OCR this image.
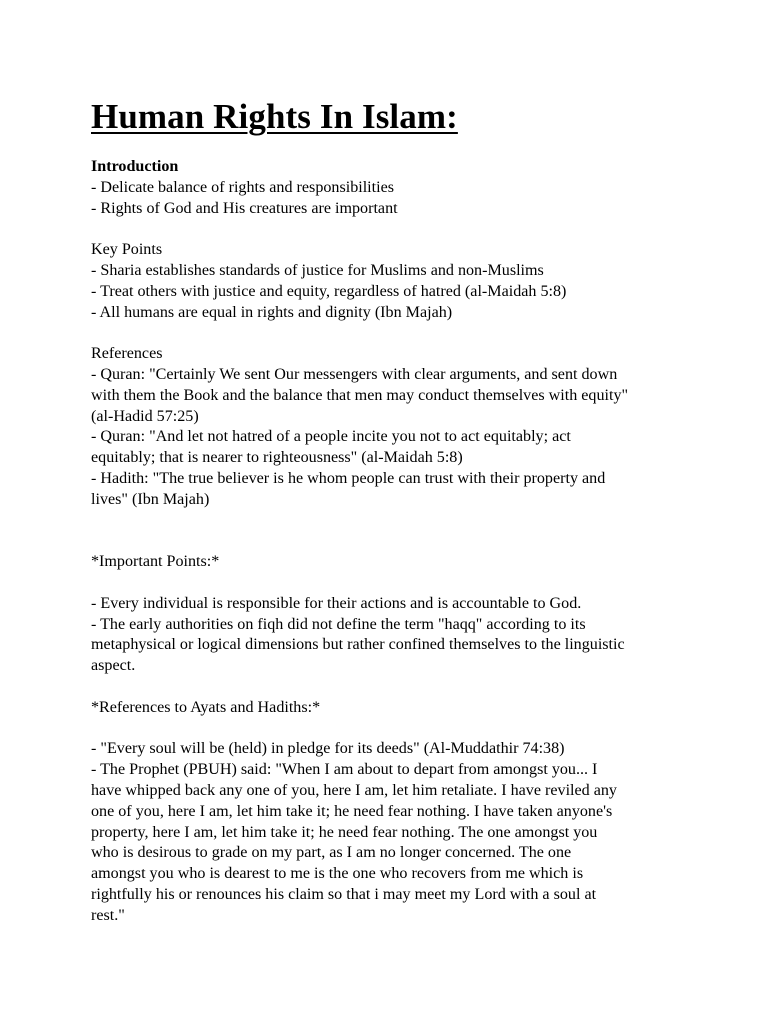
Human Rights In Islam:
Introduction
- Delicate balance of rights and responsibilities
- Rights of God and His creatures are important
Key Points
- Sharia establishes standards of justice for Muslims and non-Muslims
- Treat others with justice and equity, regardless of hatred (al-Maidah 5:8)
- All humans are equal in rights and dignity (Ibn Majah)
References
- Quran: "Certainly We sent Our messengers with clear arguments, and sent down
with them the Book and the balance that men may conduct themselves with equity"
(al-Hadid 57:25)
- Quran: "And let not hatred of a people incite you not to act equitably; act
equitably; that is nearer to righteousness" (al-Maidah 5:8)
- Hadith: "The true believer is he whom people can trust with their property and
lives" (Ibn Majah)
*Important Points:*
- Every individual is responsible for their actions and is accountable to God.
- The early authorities on fiqh did not define the term "haqq" according to its
metaphysical or logical dimensions but rather confined themselves to the linguistic
aspect.
*References to Ayats and Hadiths:*
- "Every soul will be (held) in pledge for its deeds" (Al-Muddathir 74:38)
- The Prophet (PBUH) said: "When I am about to depart from amongst you... I
have whipped back any one of you, here I am, let him retaliate. I have reviled any
one of you, here I am, let him take it; he need fear nothing. I have taken anyone's
property, here I am, let him take it; he need fear nothing. The one amongst you
who is desirous to grade on my part, as I am no longer concerned. The one
amongst you who is dearest to me is the one who recovers from me which is
rightfully his or renounces his claim so that i may meet my Lord with a soul at
rest."
